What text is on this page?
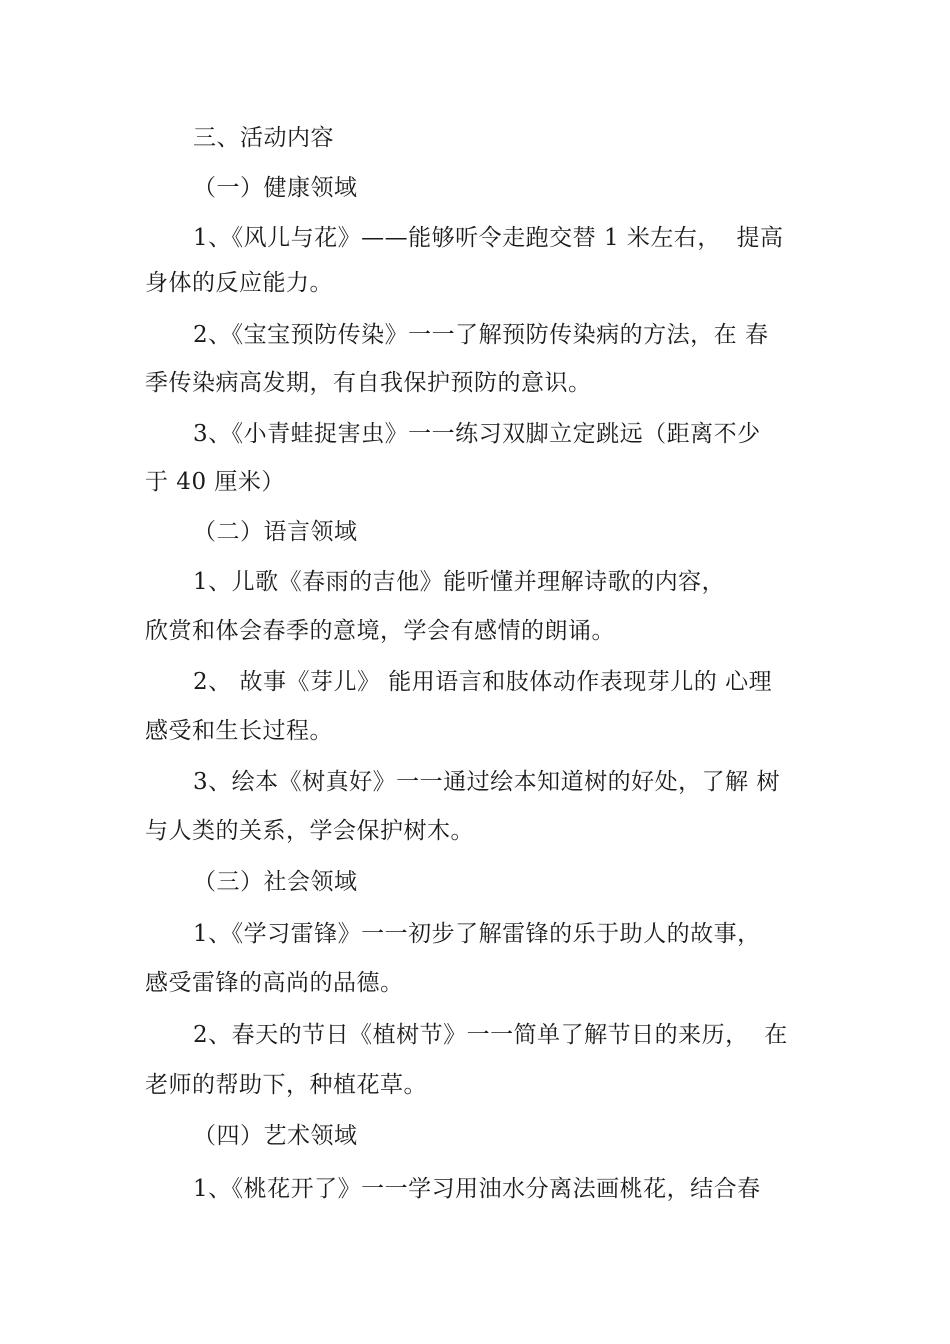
三、活动内容
（一）健康领域
1、《风儿与花》——能够听令走跑交替 1 米左右，  提高
身体的反应能力。
2、《宝宝预防传染》一一了解预防传染病的方法，在 春
季传染病高发期，有自我保护预防的意识。
3、《小青蛙捉害虫》一一练习双脚立定跳远（距离不少
于 40 厘米）
（二）语言领域
1、儿歌《春雨的吉他》能听懂并理解诗歌的内容，
欣赏和体会春季的意境，学会有感情的朗诵。
2、 故事《芽儿》 能用语言和肢体动作表现芽儿的 心理
感受和生长过程。
3、绘本《树真好》一一通过绘本知道树的好处，了解 树
与人类的关系，学会保护树木。
（三）社会领域
1、《学习雷锋》一一初步了解雷锋的乐于助人的故事，
感受雷锋的高尚的品德。
2、春天的节日《植树节》一一简单了解节日的来历，  在
老师的帮助下，种植花草。
（四）艺术领域
1、《桃花开了》一一学习用油水分离法画桃花，结合春
